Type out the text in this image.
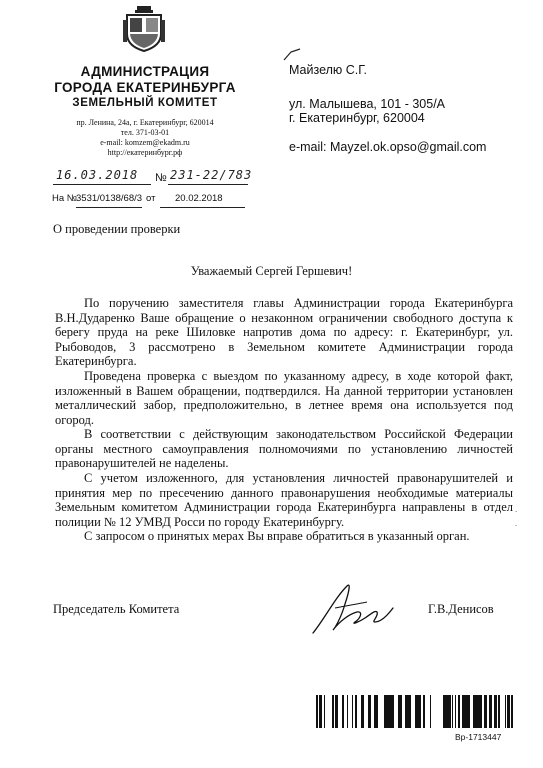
АДМИНИСТРАЦИЯ
ГОРОДА ЕКАТЕРИНБУРГА
ЗЕМЕЛЬНЫЙ КОМИТЕТ
пр. Ленина, 24а, г. Екатеринбург, 620014
тел. 371-03-01
e-mail: komzem@ekadm.ru
http://екатеринбург.рф
Майзелю С.Г.
ул. Малышева, 101 - 305/А
г. Екатеринбург, 620004
e-mail: Mayzel.ok.opso@gmail.com
16.03.2018 № 231-22/783
На № 3531/0138/68/3 от 20.02.2018
О проведении проверки
Уважаемый Сергей Гершевич!
По поручению заместителя главы Администрации города Екатеринбурга В.Н.Дударенко Ваше обращение о незаконном ограничении свободного доступа к берегу пруда на реке Шиловке напротив дома по адресу: г. Екатеринбург, ул. Рыбоводов, 3 рассмотрено в Земельном комитете Администрации города Екатеринбурга.
Проведена проверка с выездом по указанному адресу, в ходе которой факт, изложенный в Вашем обращении, подтвердился. На данной территории установлен металлический забор, предположительно, в летнее время она используется под огород.
В соответствии с действующим законодательством Российской Федерации органы местного самоуправления полномочиями по установлению личностей правонарушителей не наделены.
С учетом изложенного, для установления личностей правонарушителей и принятия мер по пресечению данного правонарушения необходимые материалы Земельным комитетом Администрации города Екатеринбурга направлены в отдел полиции № 12 УМВД Росси по городу Екатеринбургу.
С запросом о принятых мерах Вы вправе обратиться в указанный орган.
.
.
Председатель Комитета	Г.В.Денисов
Вр-1713447
